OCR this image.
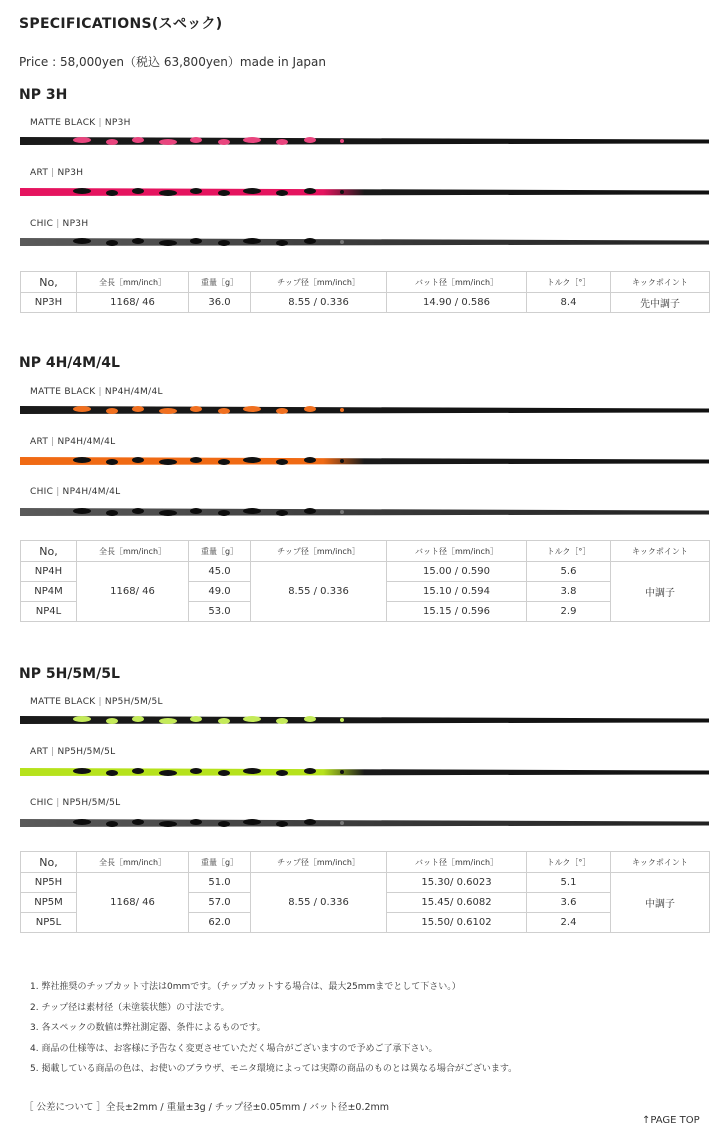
SPECIFICATIONS(スペック)
Price : 58,000yen（税込 63,800yen）made in Japan
NP 3H
MATTE BLACK | NP3H
ART | NP3H
CHIC | NP3H
No,	全長［mm/inch］	重量［g］	チップ径［mm/inch］	バット径［mm/inch］	トルク［°］	キックポイント
NP3H	1168/ 46	36.0	8.55 / 0.336	14.90 / 0.586	8.4	先中調子
NP 4H/4M/4L
MATTE BLACK | NP4H/4M/4L
ART | NP4H/4M/4L
CHIC | NP4H/4M/4L
No,	全長［mm/inch］	重量［g］	チップ径［mm/inch］	バット径［mm/inch］	トルク［°］	キックポイント
NP4H	1168/ 46	45.0	8.55 / 0.336	15.00 / 0.590	5.6	中調子
NP4M		49.0		15.10 / 0.594	3.8	
NP4L		53.0		15.15 / 0.596	2.9	
NP 5H/5M/5L
MATTE BLACK | NP5H/5M/5L
ART | NP5H/5M/5L
CHIC | NP5H/5M/5L
No,	全長［mm/inch］	重量［g］	チップ径［mm/inch］	バット径［mm/inch］	トルク［°］	キックポイント
NP5H	1168/ 46	51.0	8.55 / 0.336	15.30/ 0.6023	5.1	中調子
NP5M		57.0		15.45/ 0.6082	3.6	
NP5L		62.0		15.50/ 0.6102	2.4	
1. 弊社推奨のチップカット寸法は0mmです。（チップカットする場合は、最大25mmまでとして下さい。）
2. チップ径は素材径（未塗装状態）の寸法です。
3. 各スペックの数値は弊社測定器、条件によるものです。
4. 商品の仕様等は、お客様に予告なく変更させていただく場合がございますので予めご了承下さい。
5. 掲載している商品の色は、お使いのブラウザ、モニタ環境によっては実際の商品のものとは異なる場合がございます。
［ 公差について ］全長±2mm / 重量±3g / チップ径±0.05mm / バット径±0.2mm
↑PAGE TOP
